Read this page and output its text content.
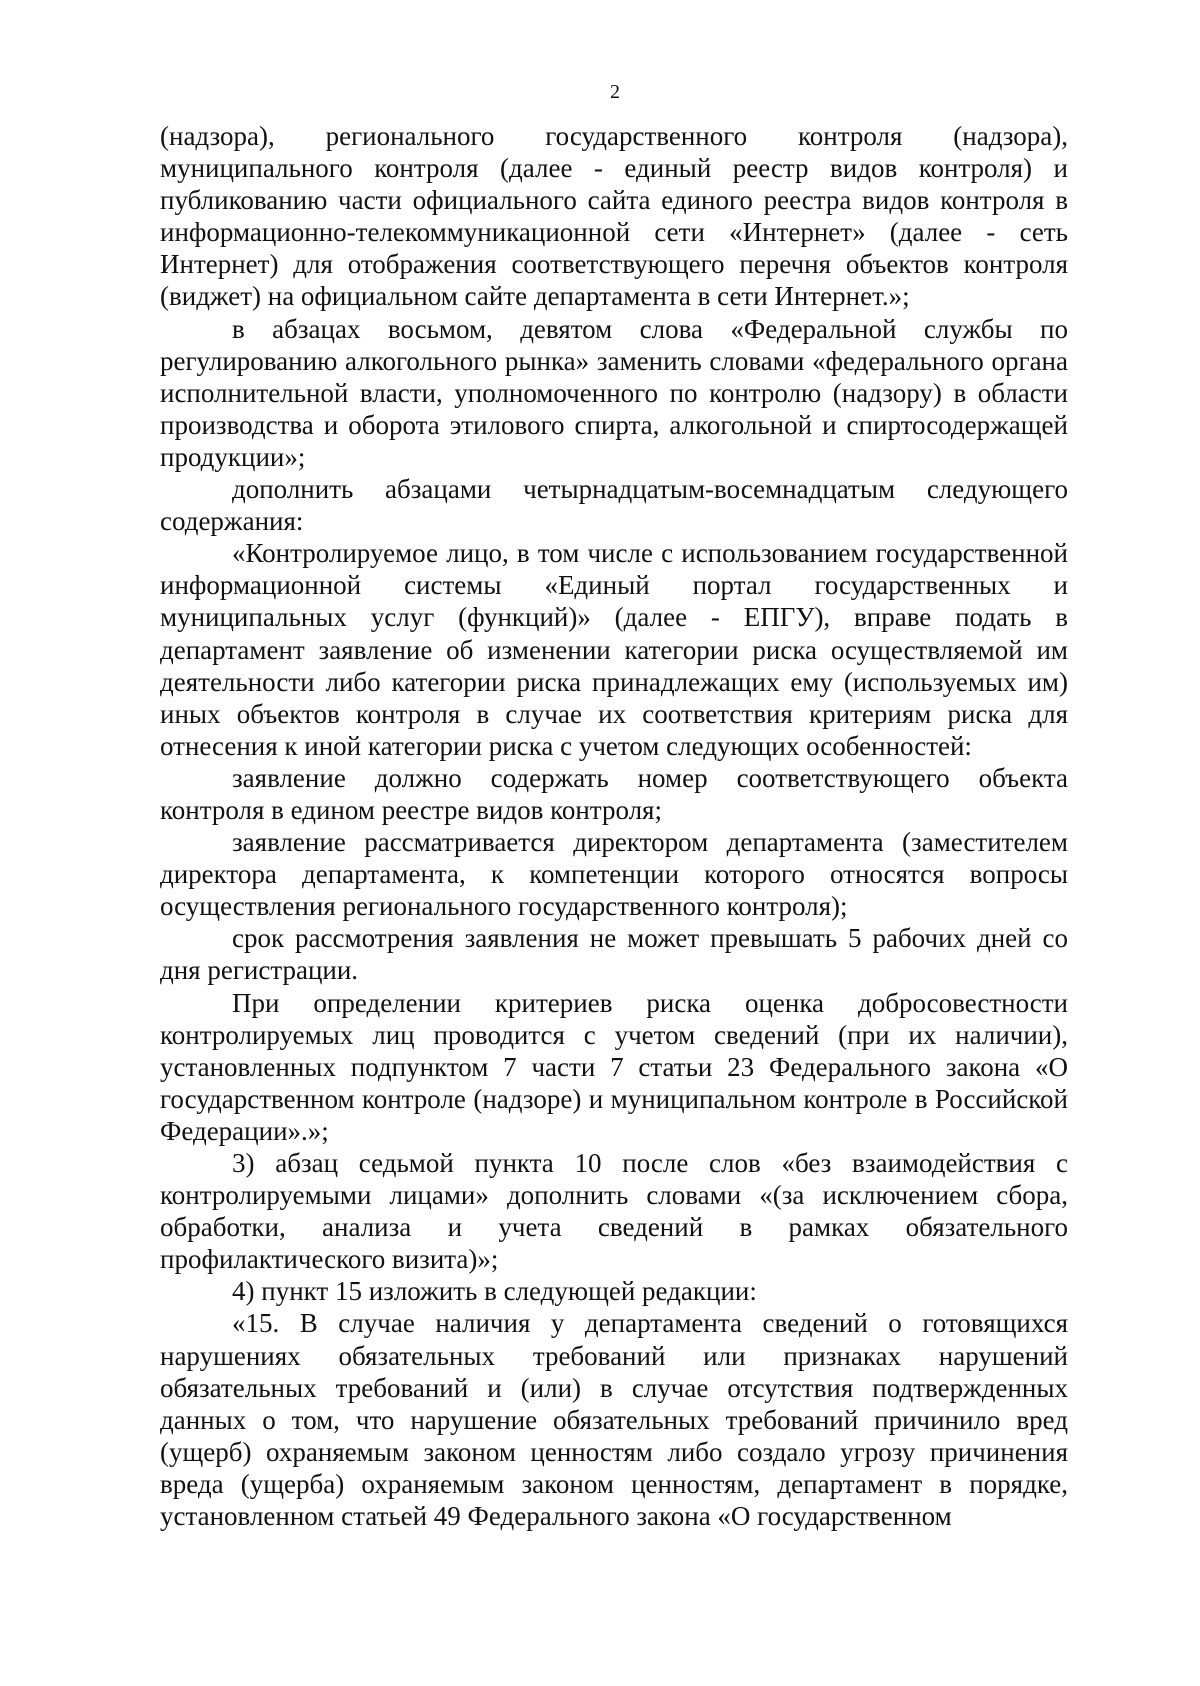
2

(надзора), регионального государственного контроля (надзора), муниципального контроля (далее - единый реестр видов контроля) и публикованию части официального сайта единого реестра видов контроля в информационно-телекоммуникационной сети «Интернет» (далее - сеть Интернет) для отображения соответствующего перечня объектов контроля (виджет) на официальном сайте департамента в сети Интернет.»;

в абзацах восьмом, девятом слова «Федеральной службы по регулированию алкогольного рынка» заменить словами «федерального органа исполнительной власти, уполномоченного по контролю (надзору) в области производства и оборота этилового спирта, алкогольной и спиртосодержащей продукции»;

дополнить абзацами четырнадцатым-восемнадцатым следующего содержания:

«Контролируемое лицо, в том числе с использованием государственной информационной системы «Единый портал государственных и муниципальных услуг (функций)» (далее - ЕПГУ), вправе подать в департамент заявление об изменении категории риска осуществляемой им деятельности либо категории риска принадлежащих ему (используемых им) иных объектов контроля в случае их соответствия критериям риска для отнесения к иной категории риска с учетом следующих особенностей:

заявление должно содержать номер соответствующего объекта контроля в едином реестре видов контроля;

заявление рассматривается директором департамента (заместителем директора департамента, к компетенции которого относятся вопросы осуществления регионального государственного контроля);

срок рассмотрения заявления не может превышать 5 рабочих дней со дня регистрации.

При определении критериев риска оценка добросовестности контролируемых лиц проводится с учетом сведений (при их наличии), установленных подпунктом 7 части 7 статьи 23 Федерального закона «О государственном контроле (надзоре) и муниципальном контроле в Российской Федерации».»;

3) абзац седьмой пункта 10 после слов «без взаимодействия с контролируемыми лицами» дополнить словами «(за исключением сбора, обработки, анализа и учета сведений в рамках обязательного профилактического визита)»;

4) пункт 15 изложить в следующей редакции:

«15. В случае наличия у департамента сведений о готовящихся нарушениях обязательных требований или признаках нарушений обязательных требований и (или) в случае отсутствия подтвержденных данных о том, что нарушение обязательных требований причинило вред (ущерб) охраняемым законом ценностям либо создало угрозу причинения вреда (ущерба) охраняемым законом ценностям, департамент в порядке, установленном статьей 49 Федерального закона «О государственном
